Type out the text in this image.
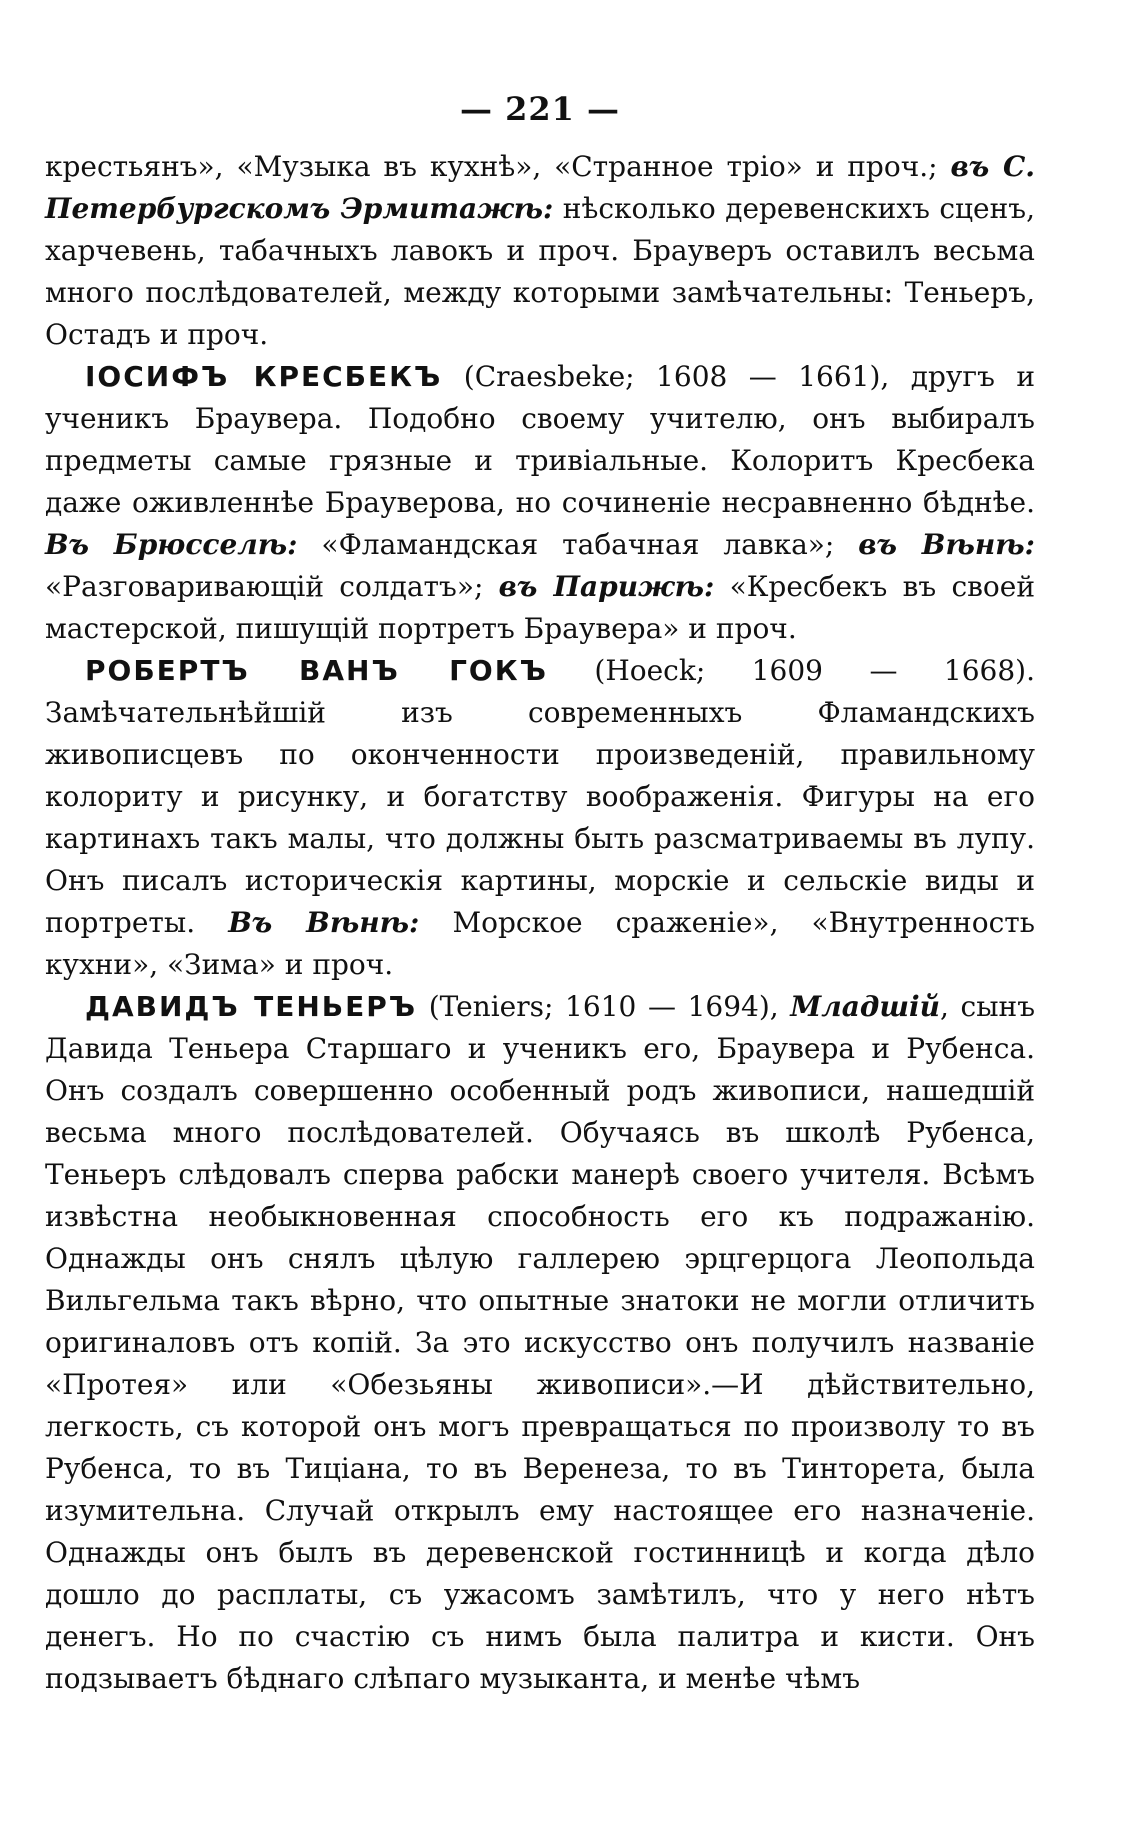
— 221 —

крестьянъ», «Музыка въ кухнѣ», «Странное тріо» и проч.; въ С. Петербургскомъ Эрмитажѣ: нѣсколько деревенскихъ сценъ, харчевень, табачныхъ лавокъ и проч. Брауверъ оставилъ весьма много послѣдователей, между которыми замѣчательны: Теньеръ, Остадъ и проч.

ІОСИФЪ КРЕСБЕКЪ (Craesbeke; 1608 — 1661), другъ и ученикъ Браувера. Подобно своему учителю, онъ выбиралъ предметы самые грязные и тривіальные. Колоритъ Кресбека даже оживленнѣе Брауверова, но сочиненіе несравненно бѣднѣе. Въ Брюсселѣ: «Фламандская табачная лавка»; въ Вѣнѣ: «Разговаривающій солдатъ»; въ Парижѣ: «Кресбекъ въ своей мастерской, пишущій портретъ Браувера» и проч.

РОБЕРТЪ ВАНЪ ГОКЪ (Hoeck; 1609 — 1668). Замѣчательнѣйшій изъ современныхъ Фламандскихъ живописцевъ по оконченности произведеній, правильному колориту и рисунку, и богатству воображенія. Фигуры на его картинахъ такъ малы, что должны быть разсматриваемы въ лупу. Онъ писалъ историческія картины, морскіе и сельскіе виды и портреты. Въ Вѣнѣ: Морское сраженіе», «Внутренность кухни», «Зима» и проч.

ДАВИДЪ ТЕНЬЕРЪ (Teniers; 1610 — 1694), Младшій, сынъ Давида Теньера Старшаго и ученикъ его, Браувера и Рубенса. Онъ создалъ совершенно особенный родъ живописи, нашедшій весьма много послѣдователей. Обучаясь въ школѣ Рубенса, Теньеръ слѣдовалъ сперва рабски манерѣ своего учителя. Всѣмъ извѣстна необыкновенная способность его къ подражанію. Однажды онъ снялъ цѣлую галлерею эрцгерцога Леопольда Вильгельма такъ вѣрно, что опытные знатоки не могли отличить оригиналовъ отъ копій. За это искусство онъ получилъ названіе «Протея» или «Обезьяны живописи».—И дѣйствительно, легкость, съ которой онъ могъ превращаться по произволу то въ Рубенса, то въ Тиціана, то въ Веренеза, то въ Тинторета, была изумительна. Случай открылъ ему настоящее его назначеніе. Однажды онъ былъ въ деревенской гостинницѣ и когда дѣло дошло до расплаты, съ ужасомъ замѣтилъ, что у него нѣтъ денегъ. Но по счастію съ нимъ была палитра и кисти. Онъ подзываетъ бѣднаго слѣпаго музыканта, и менѣе чѣмъ
